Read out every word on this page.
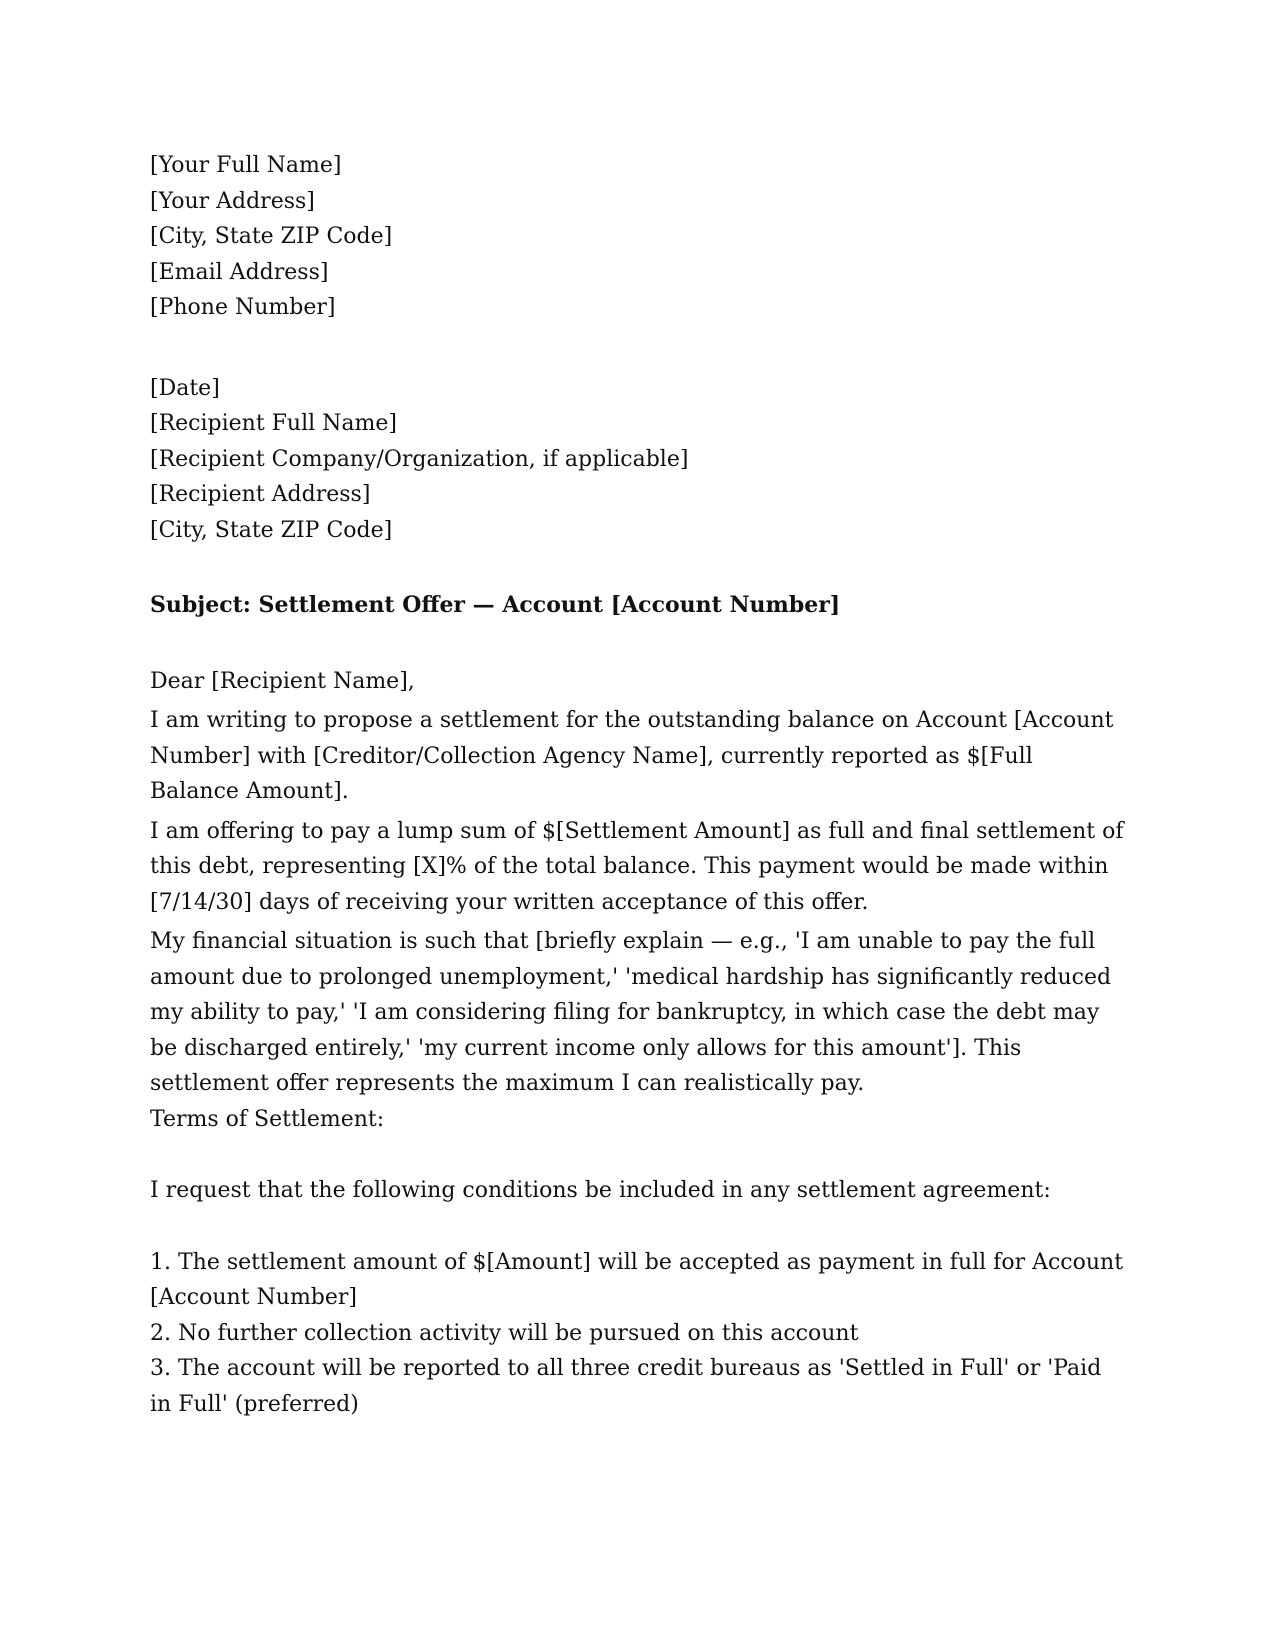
[Your Full Name]
[Your Address]
[City, State ZIP Code]
[Email Address]
[Phone Number]
[Date]
[Recipient Full Name]
[Recipient Company/Organization, if applicable]
[Recipient Address]
[City, State ZIP Code]
Subject: Settlement Offer — Account [Account Number]
Dear [Recipient Name],

I am writing to propose a settlement for the outstanding balance on Account [Account Number] with [Creditor/Collection Agency Name], currently reported as $[Full Balance Amount].

I am offering to pay a lump sum of $[Settlement Amount] as full and final settlement of this debt, representing [X]% of the total balance. This payment would be made within [7/14/30] days of receiving your written acceptance of this offer.

My financial situation is such that [briefly explain — e.g., 'I am unable to pay the full amount due to prolonged unemployment,' 'medical hardship has significantly reduced my ability to pay,' 'I am considering filing for bankruptcy, in which case the debt may be discharged entirely,' 'my current income only allows for this amount']. This settlement offer represents the maximum I can realistically pay.

Terms of Settlement:
I request that the following conditions be included in any settlement agreement:

1. The settlement amount of $[Amount] will be accepted as payment in full for Account [Account Number]

2. No further collection activity will be pursued on this account

3. The account will be reported to all three credit bureaus as 'Settled in Full' or 'Paid in Full' (preferred)
